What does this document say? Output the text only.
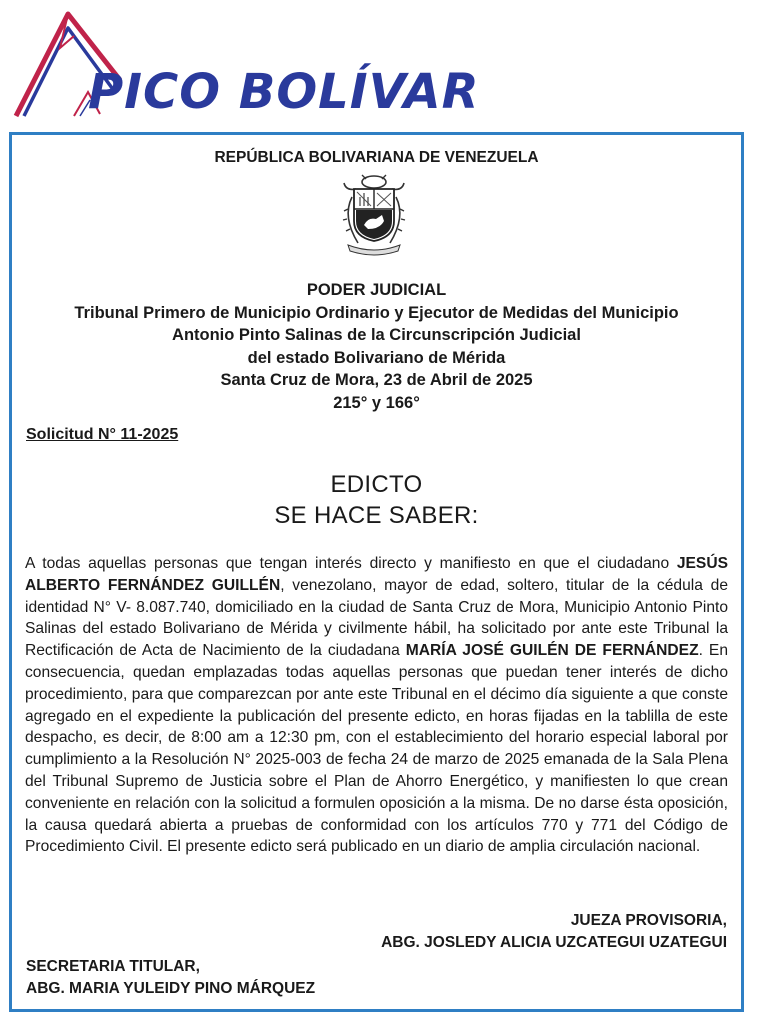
PICO BOLÍVAR
REPÚBLICA BOLIVARIANA DE VENEZUELA
PODER JUDICIAL
Tribunal Primero de Municipio Ordinario y Ejecutor de Medidas del Municipio
Antonio Pinto Salinas de la Circunscripción Judicial
del estado Bolivariano de Mérida
Santa Cruz de Mora, 23 de Abril de 2025
215° y 166°
Solicitud N° 11-2025
EDICTO
SE HACE SABER:
A todas aquellas personas que tengan interés directo y manifiesto en que el ciudadano JESÚS ALBERTO FERNÁNDEZ GUILLÉN, venezolano, mayor de edad, soltero, titular de la cédula de identidad N° V- 8.087.740, domiciliado en la ciudad de Santa Cruz de Mora, Municipio Antonio Pinto Salinas del estado Bolivariano de Mérida y civilmente hábil, ha solicitado por ante este Tribunal la Rectificación de Acta de Nacimiento de la ciudadana MARÍA JOSÉ GUILÉN DE FERNÁNDEZ. En consecuencia, quedan emplazadas todas aquellas personas que puedan tener interés de dicho procedimiento, para que comparezcan por ante este Tribunal en el décimo día siguiente a que conste agregado en el expediente la publicación del presente edicto, en horas fijadas en la tablilla de este despacho, es decir, de 8:00 am a 12:30 pm, con el establecimiento del horario especial laboral por cumplimiento a la Resolución N° 2025-003 de fecha 24 de marzo de 2025 emanada de la Sala Plena del Tribunal Supremo de Justicia sobre el Plan de Ahorro Energético, y manifiesten lo que crean conveniente en relación con la solicitud a formulen oposición a la misma. De no darse ésta oposición, la causa quedará abierta a pruebas de conformidad con los artículos 770 y 771 del Código de Procedimiento Civil. El presente edicto será publicado en un diario de amplia circulación nacional.
JUEZA PROVISORIA,
ABG. JOSLEDY ALICIA UZCATEGUI UZATEGUI
SECRETARIA TITULAR,
ABG. MARIA YULEIDY PINO MÁRQUEZ
